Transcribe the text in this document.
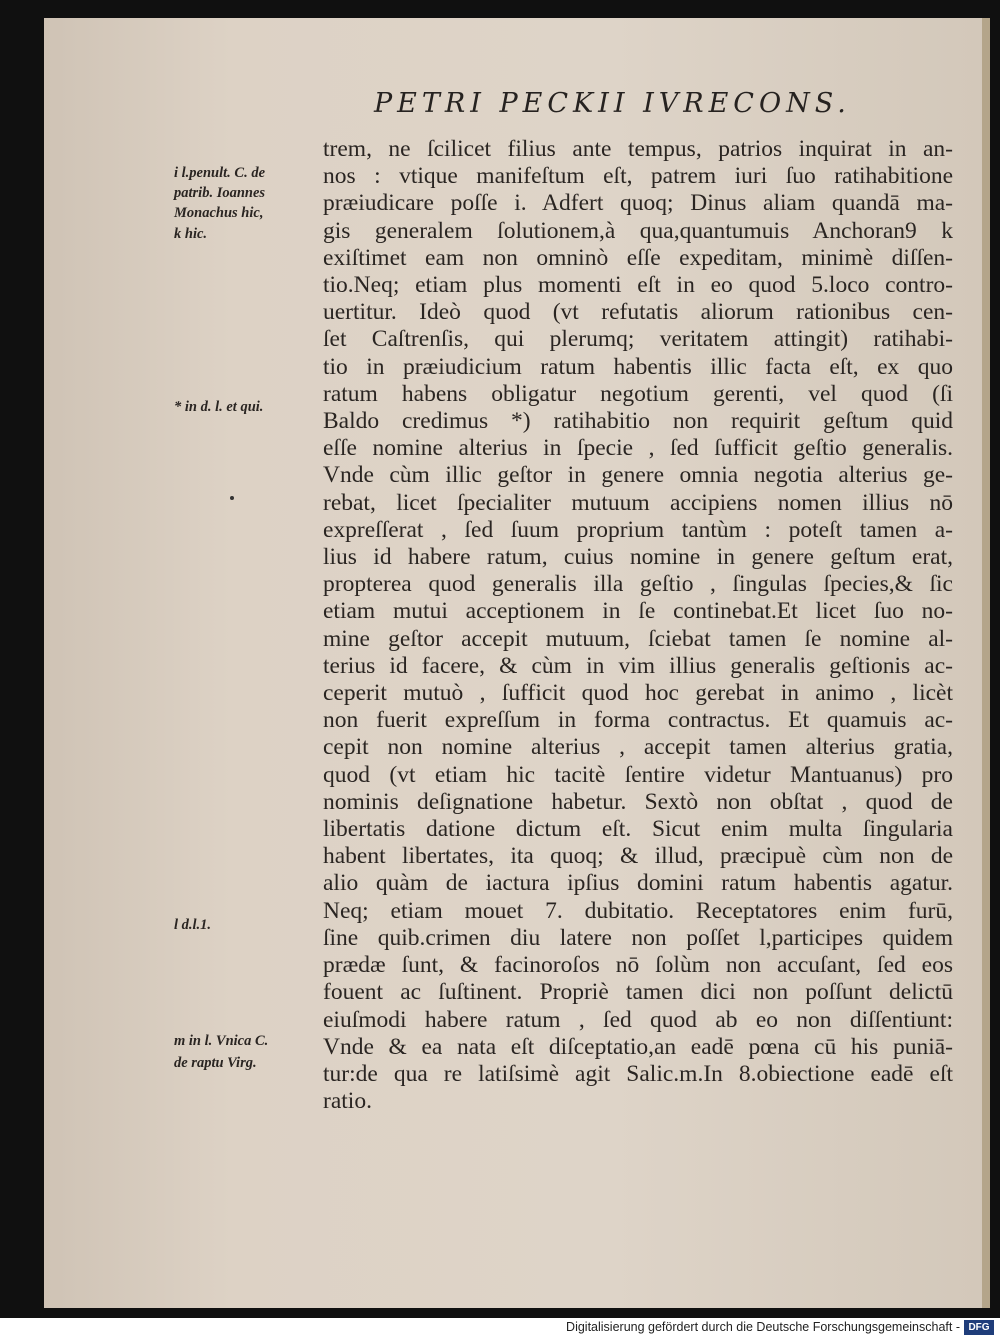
PETRI PECKII IVRECONS.
i l.penult. C. de
patrib. Ioannes
Monachus hic,
k hic.
* in d. l. et qui.
l d.l.1.
m in l. Vnica C.
de raptu Virg.
trem, ne ſcilicet filius ante tempus, patrios inquirat in an-
nos : vtique manifeſtum eſt, patrem iuri ſuo ratihabitione
præiudicare poſſe i. Adfert quoq; Dinus aliam quandā ma-
gis generalem ſolutionem,à qua,quantumuis Anchoran9 k
exiſtimet eam non omninò eſſe expeditam, minimè diſſen-
tio.Neq; etiam plus momenti eſt in eo quod 5.loco contro-
uertitur. Ideò quod (vt refutatis aliorum rationibus cen-
ſet Caſtrenſis, qui plerumq; veritatem attingit) ratihabi-
tio in præiudicium ratum habentis illic facta eſt, ex quo
ratum habens obligatur negotium gerenti, vel quod (ſi
Baldo credimus *) ratihabitio non requirit geſtum quid
eſſe nomine alterius in ſpecie , ſed ſufficit geſtio generalis.
Vnde cùm illic geſtor in genere omnia negotia alterius ge-
rebat, licet ſpecialiter mutuum accipiens nomen illius nō
expreſſerat , ſed ſuum proprium tantùm : poteſt tamen a-
lius id habere ratum, cuius nomine in genere geſtum erat,
propterea quod generalis illa geſtio , ſingulas ſpecies,& ſic
etiam mutui acceptionem in ſe continebat.Et licet ſuo no-
mine geſtor accepit mutuum, ſciebat tamen ſe nomine al-
terius id facere, & cùm in vim illius generalis geſtionis ac-
ceperit mutuò , ſufficit quod hoc gerebat in animo , licèt
non fuerit expreſſum in forma contractus. Et quamuis ac-
cepit non nomine alterius , accepit tamen alterius gratia,
quod (vt etiam hic tacitè ſentire videtur Mantuanus) pro
nominis deſignatione habetur. Sextò non obſtat , quod de
libertatis datione dictum eſt. Sicut enim multa ſingularia
habent libertates, ita quoq; & illud, præcipuè cùm non de
alio quàm de iactura ipſius domini ratum habentis agatur.
Neq; etiam mouet 7. dubitatio. Receptatores enim furū,
ſine quib.crimen diu latere non poſſet l,participes quidem
prædæ ſunt, & facinoroſos nō ſolùm non accuſant, ſed eos
fouent ac ſuſtinent. Propriè tamen dici non poſſunt delictū
eiuſmodi habere ratum , ſed quod ab eo non diſſentiunt:
Vnde & ea nata eſt diſceptatio,an eadē pœna cū his puniā-
tur:de qua re latiſsimè agit Salic.m.In 8.obiectione eadē eſt
ratio.
Digitalisierung gefördert durch die Deutsche Forschungsgemeinschaft - DFG
